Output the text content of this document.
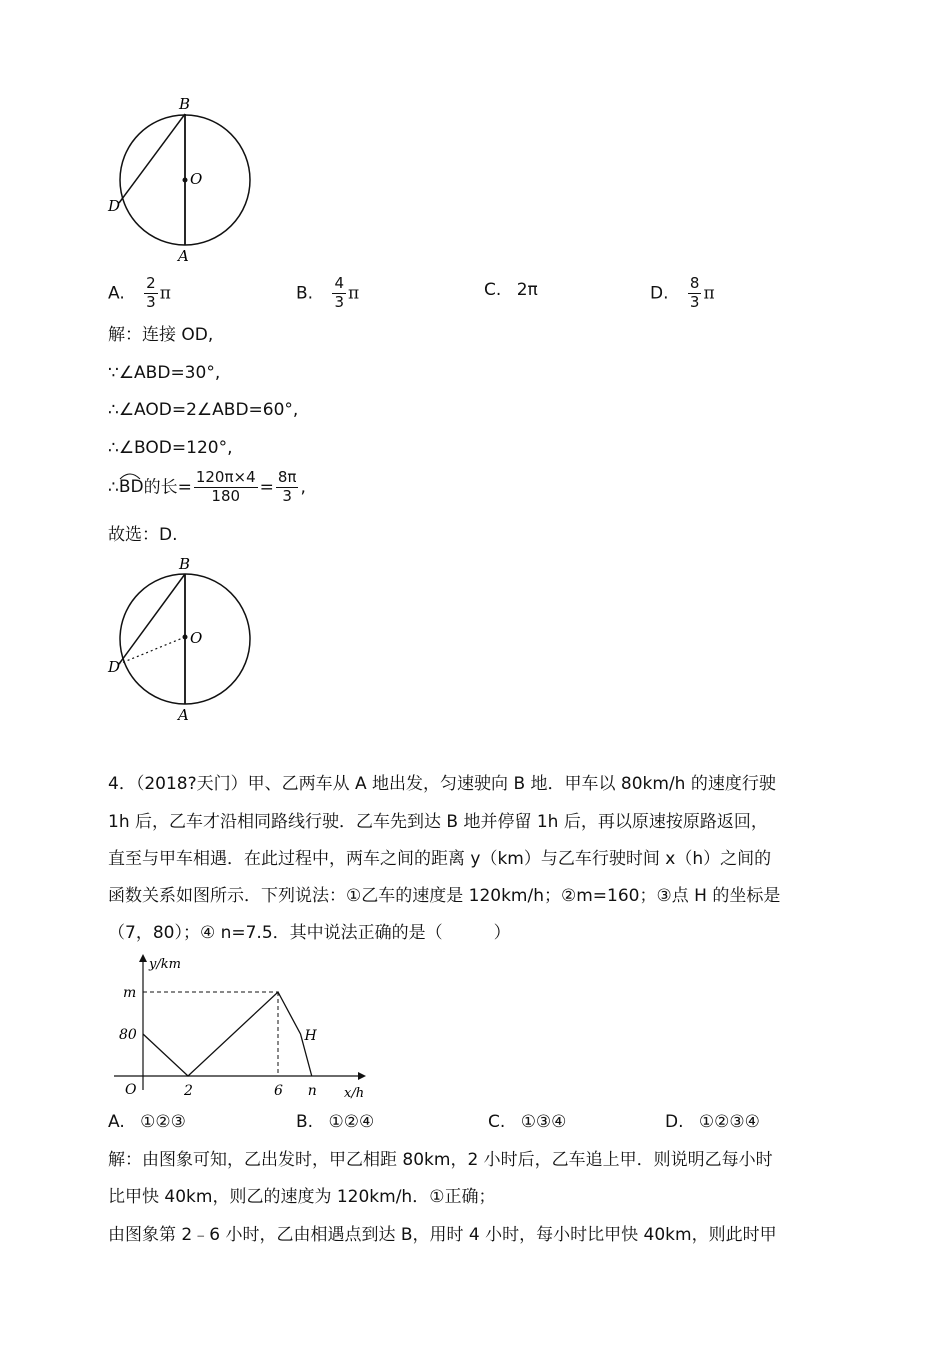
B
O
D
A
A. $\frac{2}{3}$ π	B. $\frac{4}{3}$ π	C. 2π	D. $\frac{8}{3}$ π
解：连接 OD,
∵∠ABD=30°,
∴∠AOD=2∠ABD=60°,
∴∠BOD=120°,
∴
BD的长= $\frac{120\pi\times 4}{180} = \frac{8\pi}{3}$ ,
故选：D.
B
O
D
A
4．（2018?天门）甲、乙两车从 A 地出发，匀速驶向 B 地．甲车以 80km/h 的速度行驶
1h 后，乙车才沿相同路线行驶．乙车先到达 B 地并停留 1h 后，再以原速按原路返回，
直至与甲车相遇．在此过程中，两车之间的距离 y（km）与乙车行驶时间 x（h）之间的
函数关系如图所示．下列说法：①乙车的速度是 120km/h；②m=160；③点 H 的坐标是
（7，80）；④ n=7.5．其中说法正确的是（　　　）
O	2	6 n
80
m
y/km
x/h
H
A. ①②③	B. ①②④	C. ①③④	D. ①②③④
解：由图象可知，乙出发时，甲乙相距 80km，2 小时后，乙车追上甲．则说明乙每小时
比甲快 40km，则乙的速度为 120km/h．①正确；
由图象第 2﹣6 小时，乙由相遇点到达 B，用时 4 小时，每小时比甲快 40km，则此时甲
